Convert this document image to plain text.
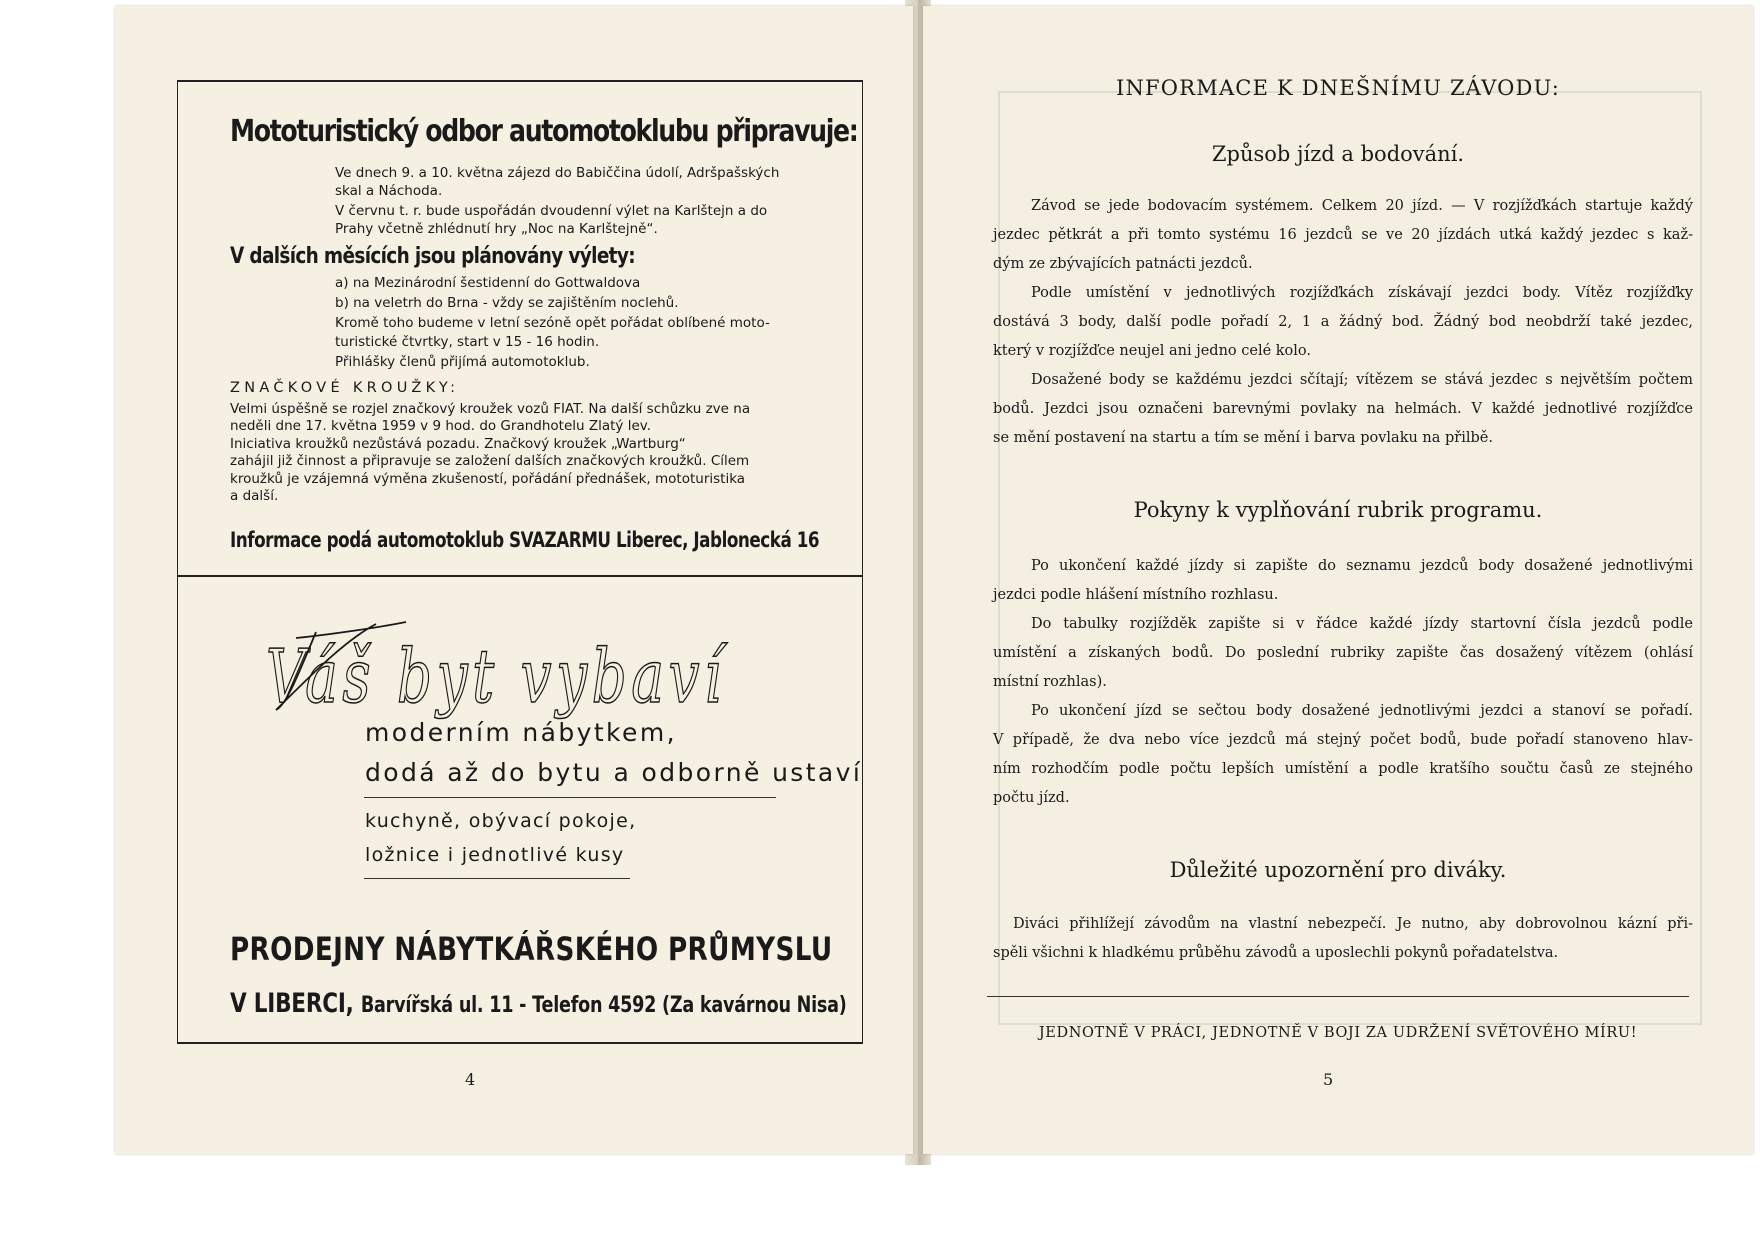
Mototuristický odbor automotoklubu připravuje:
Ve dnech 9. a 10. května zájezd do Babiččina údolí, Adršpašských
skal a Náchoda.
V červnu t. r. bude uspořádán dvoudenní výlet na Karlštejn a do
Prahy včetně zhlédnutí hry „Noc na Karlštejně“.
V dalších měsících jsou plánovány výlety:
a) na Mezinárodní šestidenní do Gottwaldova
b) na veletrh do Brna - vždy se zajištěním noclehů.
Kromě toho budeme v letní sezóně opět pořádat oblíbené moto-
turistické čtvrtky, start v 15 - 16 hodin.
Přihlášky členů přijímá automotoklub.
ZNAČKOVÉ KROUŽKY:
Velmi úspěšně se rozjel značkový kroužek vozů FIAT. Na další schůzku zve na
neděli dne 17. května 1959 v 9 hod. do Grandhotelu Zlatý lev.
Iniciativa kroužků nezůstává pozadu. Značkový kroužek „Wartburg“
zahájil již činnost a připravuje se založení dalších značkových kroužků. Cílem
kroužků je vzájemná výměna zkušeností, pořádání přednášek, mototuristika
a další.
Informace podá automotoklub SVAZARMU Liberec, Jablonecká 16
Váš byt vybaví
moderním nábytkem,
dodá až do bytu a odborně ustaví
kuchyně, obývací pokoje,
ložnice i jednotlivé kusy
PRODEJNY NÁBYTKÁŘSKÉHO PRŮMYSLU
V LIBERCI, Barvířská ul. 11 - Telefon 4592 (Za kavárnou Nisa)
4
INFORMACE K DNEŠNÍMU ZÁVODU:
Způsob jízd a bodování.
Závod se jede bodovacím systémem. Celkem 20 jízd. — V rozjížďkách startuje každý
jezdec pětkrát a při tomto systému 16 jezdců se ve 20 jízdách utká každý jezdec s kaž-
dým ze zbývajících patnácti jezdců.
Podle umístění v jednotlivých rozjížďkách získávají jezdci body. Vítěz rozjížďky
dostává 3 body, další podle pořadí 2, 1 a žádný bod. Žádný bod neobdrží také jezdec,
který v rozjížďce neujel ani jedno celé kolo.
Dosažené body se každému jezdci sčítají; vítězem se stává jezdec s největším počtem
bodů. Jezdci jsou označeni barevnými povlaky na helmách. V každé jednotlivé rozjížďce
se mění postavení na startu a tím se mění i barva povlaku na přilbě.
Pokyny k vyplňování rubrik programu.
Po ukončení každé jízdy si zapište do seznamu jezdců body dosažené jednotlivými
jezdci podle hlášení místního rozhlasu.
Do tabulky rozjížděk zapište si v řádce každé jízdy startovní čísla jezdců podle
umístění a získaných bodů. Do poslední rubriky zapište čas dosažený vítězem (ohlásí
místní rozhlas).
Po ukončení jízd se sečtou body dosažené jednotlivými jezdci a stanoví se pořadí.
V případě, že dva nebo více jezdců má stejný počet bodů, bude pořadí stanoveno hlav-
ním rozhodčím podle počtu lepších umístění a podle kratšího součtu časů ze stejného
počtu jízd.
Důležité upozornění pro diváky.
Diváci přihlížejí závodům na vlastní nebezpečí. Je nutno, aby dobrovolnou kázní při-
spěli všichni k hladkému průběhu závodů a uposlechli pokynů pořadatelstva.
JEDNOTNĚ V PRÁCI, JEDNOTNĚ V BOJI ZA UDRŽENÍ SVĚTOVÉHO MÍRU!
5
